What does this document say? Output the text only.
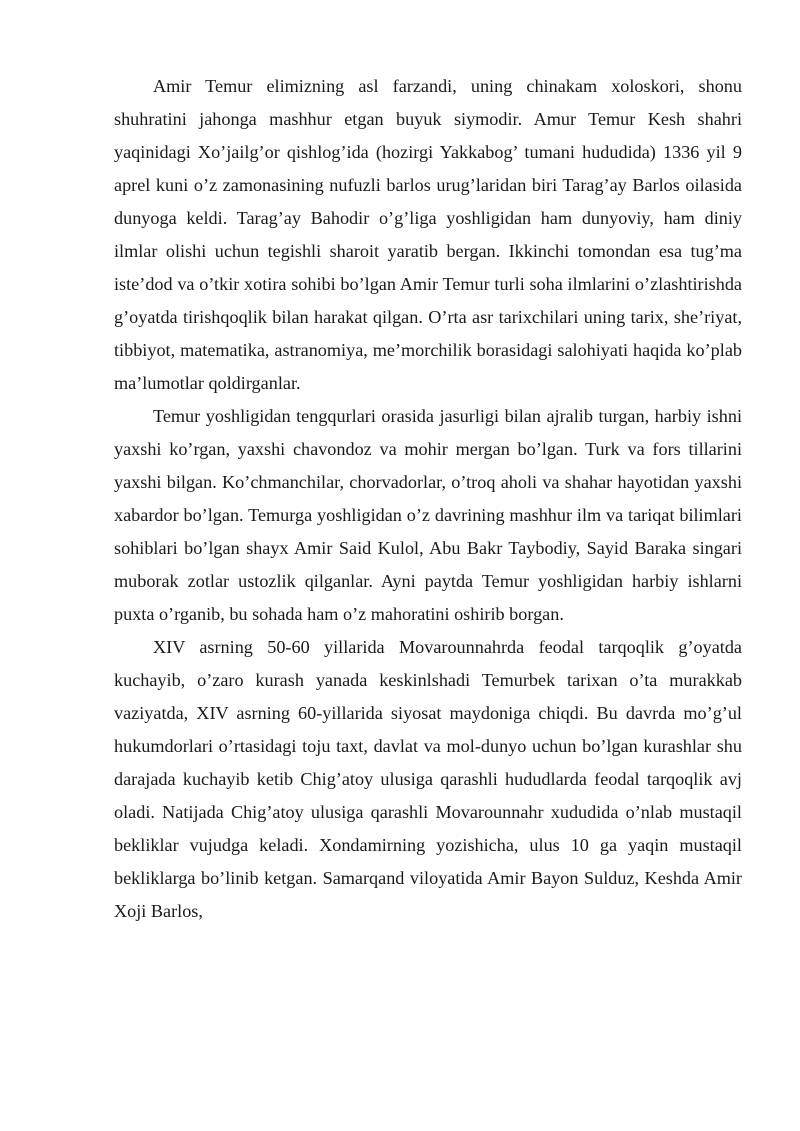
Amir Temur elimizning asl farzandi, uning chinakam xoloskori, shonu shuhratini jahonga mashhur etgan buyuk siymodir. Amur Temur Kesh shahri yaqinidagi Xo’jailg’or qishlog’ida (hozirgi Yakkabog’ tumani hududida) 1336 yil 9 aprel kuni o’z zamonasining nufuzli barlos urug’laridan biri Tarag’ay Barlos oilasida dunyoga keldi. Tarag’ay Bahodir o’g’liga yoshligidan ham dunyoviy, ham diniy ilmlar olishi uchun tegishli sharoit yaratib bergan. Ikkinchi tomondan esa tug’ma iste’dod va o’tkir xotira sohibi bo’lgan Amir Temur turli soha ilmlarini o’zlashtirishda g’oyatda tirishqoqlik bilan harakat qilgan. O’rta asr tarixchilari uning tarix, she’riyat, tibbiyot, matematika, astranomiya, me’morchilik borasidagi salohiyati haqida ko’plab ma’lumotlar qoldirganlar.

Temur yoshligidan tengqurlari orasida jasurligi bilan ajralib turgan, harbiy ishni yaxshi ko’rgan, yaxshi chavondoz va mohir mergan bo’lgan. Turk va fors tillarini yaxshi bilgan. Ko’chmanchilar, chorvadorlar, o’troq aholi va shahar hayotidan yaxshi xabardor bo’lgan. Temurga yoshligidan o’z davrining mashhur ilm va tariqat bilimlari sohiblari bo’lgan shayx Amir Said Kulol, Abu Bakr Taybodiy, Sayid Baraka singari muborak zotlar ustozlik qilganlar. Ayni paytda Temur yoshligidan harbiy ishlarni puxta o’rganib, bu sohada ham o’z mahoratini oshirib borgan.

XIV asrning 50-60 yillarida Movarounnahrda feodal tarqoqlik g’oyatda kuchayib, o’zaro kurash yanada keskinlshadi Temurbek tarixan o’ta murakkab vaziyatda, XIV asrning 60-yillarida siyosat maydoniga chiqdi. Bu davrda mo’g’ul hukumdorlari o’rtasidagi toju taxt, davlat va mol-dunyo uchun bo’lgan kurashlar shu darajada kuchayib ketib Chig’atoy ulusiga qarashli hududlarda feodal tarqoqlik avj oladi. Natijada Chig’atoy ulusiga qarashli Movarounnahr xududida o’nlab mustaqil bekliklar vujudga keladi. Xondamirning yozishicha, ulus 10 ga yaqin mustaqil bekliklarga bo’linib ketgan. Samarqand viloyatida Amir Bayon Sulduz, Keshda Amir Xoji Barlos,
